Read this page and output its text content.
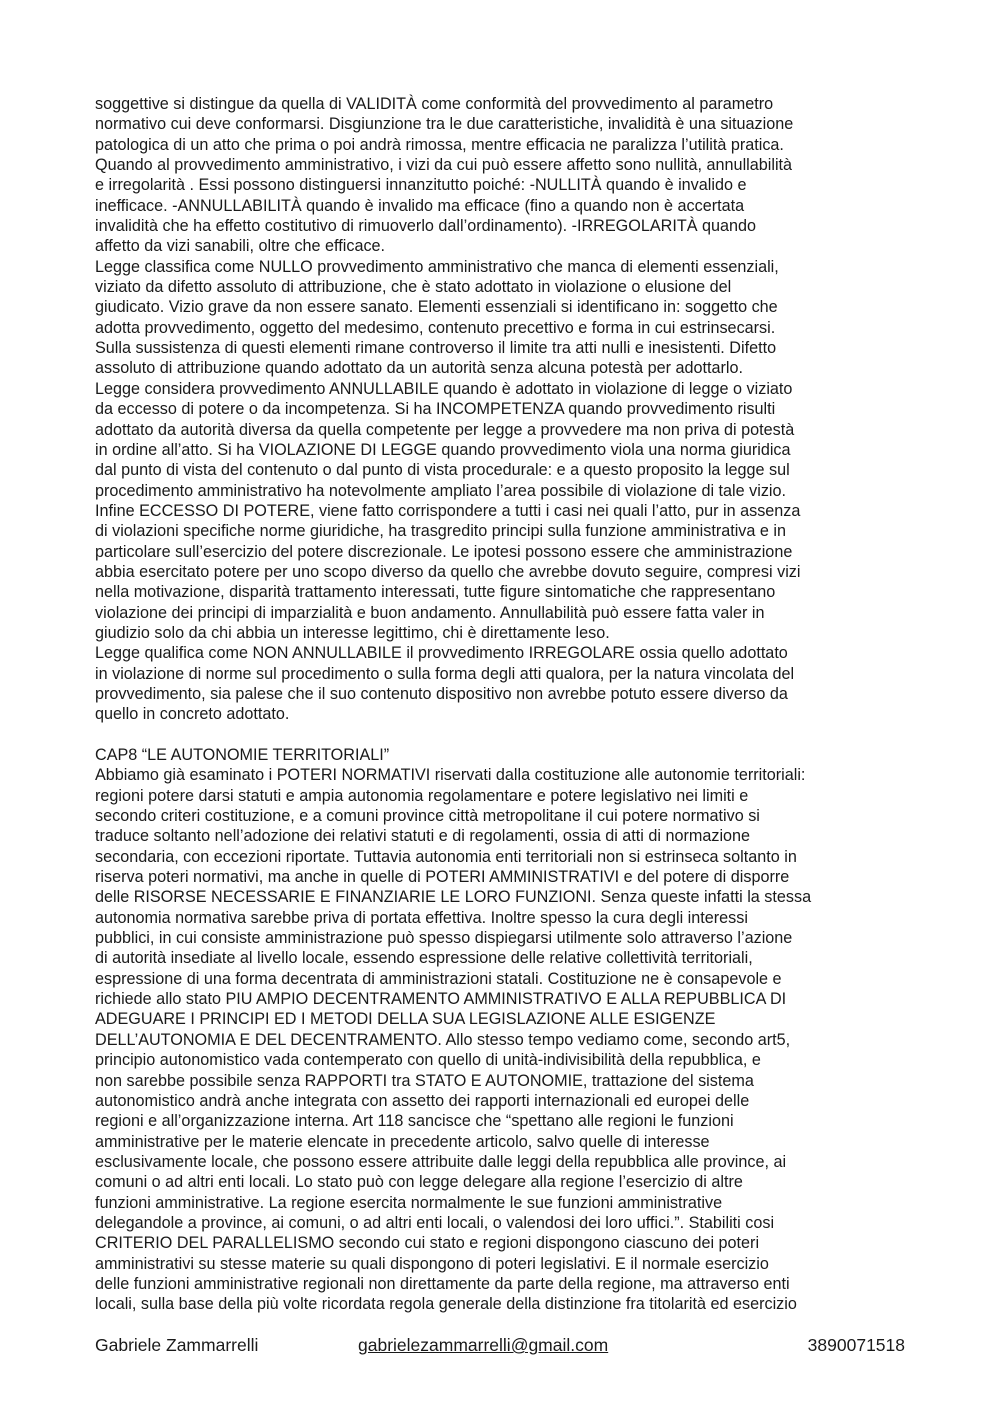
soggettive si distingue da quella di VALIDITÀ come conformità del provvedimento al parametro
normativo cui deve conformarsi. Disgiunzione tra le due caratteristiche, invalidità è una situazione
patologica di un atto che prima o poi andrà rimossa, mentre efficacia ne paralizza l’utilità pratica.
Quando al provvedimento amministrativo, i vizi da cui può essere affetto sono nullità, annullabilità
e irregolarità . Essi possono distinguersi innanzitutto poiché: -NULLITÀ quando è invalido e
inefficace. -ANNULLABILITÀ quando è invalido ma efficace (fino a quando non è accertata
invalidità che ha effetto costitutivo di rimuoverlo dall’ordinamento). -IRREGOLARITÀ quando
affetto da vizi sanabili, oltre che efficace.
Legge classifica come NULLO provvedimento amministrativo che manca di elementi essenziali,
viziato da difetto assoluto di attribuzione, che è stato adottato in violazione o elusione del
giudicato. Vizio grave da non essere sanato. Elementi essenziali si identificano in: soggetto che
adotta provvedimento, oggetto del medesimo, contenuto precettivo e forma in cui estrinsecarsi.
Sulla sussistenza di questi elementi rimane controverso il limite tra atti nulli e inesistenti. Difetto
assoluto di attribuzione quando adottato da un autorità senza alcuna potestà per adottarlo.
Legge considera provvedimento ANNULLABILE quando è adottato in violazione di legge o viziato
da eccesso di potere o da incompetenza. Si ha INCOMPETENZA quando provvedimento risulti
adottato da autorità diversa da quella competente per legge a provvedere ma non priva di potestà
in ordine all’atto. Si ha VIOLAZIONE DI LEGGE quando provvedimento viola una norma giuridica
dal punto di vista del contenuto o dal punto di vista procedurale: e a questo proposito la legge sul
procedimento amministrativo ha notevolmente ampliato l’area possibile di violazione di tale vizio.
Infine ECCESSO DI POTERE, viene fatto corrispondere a tutti i casi nei quali l’atto, pur in assenza
di violazioni specifiche norme giuridiche, ha trasgredito principi sulla funzione amministrativa e in
particolare sull’esercizio del potere discrezionale. Le ipotesi possono essere che amministrazione
abbia esercitato potere per uno scopo diverso da quello che avrebbe dovuto seguire, compresi vizi
nella motivazione, disparità trattamento interessati, tutte figure sintomatiche che rappresentano
violazione dei principi di imparzialità e buon andamento. Annullabilità può essere fatta valer in
giudizio solo da chi abbia un interesse legittimo, chi è direttamente leso.
Legge qualifica come NON ANNULLABILE il provvedimento IRREGOLARE ossia quello adottato
in violazione di norme sul procedimento o sulla forma degli atti qualora, per la natura vincolata del
provvedimento, sia palese che il suo contenuto dispositivo non avrebbe potuto essere diverso da
quello in concreto adottato.
CAP8 “LE AUTONOMIE TERRITORIALI”
Abbiamo già esaminato i POTERI NORMATIVI riservati dalla costituzione alle autonomie territoriali:
regioni potere darsi statuti e ampia autonomia regolamentare e potere legislativo nei limiti e
secondo criteri costituzione, e a comuni province città metropolitane il cui potere normativo si
traduce soltanto nell’adozione dei relativi statuti e di regolamenti, ossia di atti di normazione
secondaria, con eccezioni riportate. Tuttavia autonomia enti territoriali non si estrinseca soltanto in
riserva poteri normativi, ma anche in quelle di POTERI AMMINISTRATIVI e del potere di disporre
delle RISORSE NECESSARIE E FINANZIARIE LE LORO FUNZIONI. Senza queste infatti la stessa
autonomia normativa sarebbe priva di portata effettiva. Inoltre spesso la cura degli interessi
pubblici, in cui consiste amministrazione può spesso dispiegarsi utilmente solo attraverso l’azione
di autorità insediate al livello locale, essendo espressione delle relative collettività territoriali,
espressione di una forma decentrata di amministrazioni statali. Costituzione ne è consapevole e
richiede allo stato PIU AMPIO DECENTRAMENTO AMMINISTRATIVO E ALLA REPUBBLICA DI
ADEGUARE I PRINCIPI ED I METODI DELLA SUA LEGISLAZIONE ALLE ESIGENZE
DELL’AUTONOMIA E DEL DECENTRAMENTO. Allo stesso tempo vediamo come, secondo art5,
principio autonomistico vada contemperato con quello di unità-indivisibilità della repubblica, e
non sarebbe possibile senza RAPPORTI tra STATO E AUTONOMIE, trattazione del sistema
autonomistico andrà anche integrata con assetto dei rapporti internazionali ed europei delle
regioni e all’organizzazione interna. Art 118 sancisce che “spettano alle regioni le funzioni
amministrative per le materie elencate in precedente articolo, salvo quelle di interesse
esclusivamente locale, che possono essere attribuite dalle leggi della repubblica alle province, ai
comuni o ad altri enti locali. Lo stato può con legge delegare alla regione l’esercizio di altre
funzioni amministrative. La regione esercita normalmente le sue funzioni amministrative
delegandole a province, ai comuni, o ad altri enti locali, o valendosi dei loro uffici.”. Stabiliti cosi
CRITERIO DEL PARALLELISMO secondo cui stato e regioni dispongono ciascuno dei poteri
amministrativi su stesse materie su quali dispongono di poteri legislativi. E il normale esercizio
delle funzioni amministrative regionali non direttamente da parte della regione, ma attraverso enti
locali, sulla base della più volte ricordata regola generale della distinzione fra titolarità ed esercizio
Gabriele Zammarrelli	gabrielezammarrelli@gmail.com	3890071518
